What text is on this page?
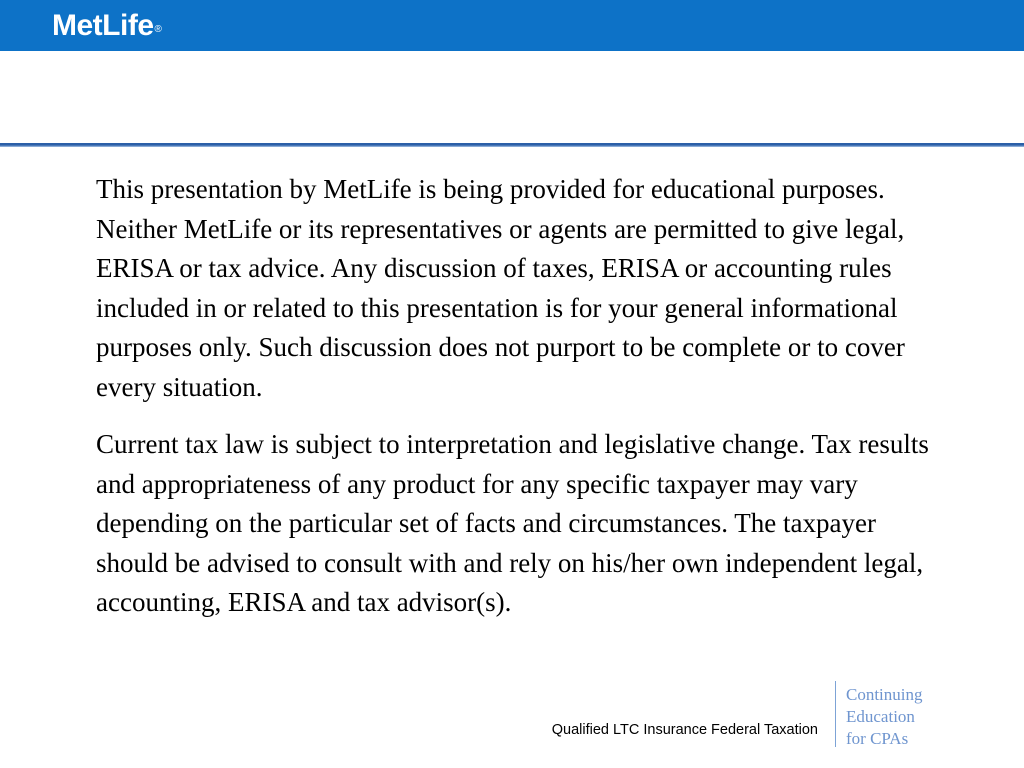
MetLife®

This presentation by MetLife is being provided for educational purposes. Neither MetLife or its representatives or agents are permitted to give legal, ERISA or tax advice. Any discussion of taxes, ERISA or accounting rules included in or related to this presentation is for your general informational purposes only. Such discussion does not purport to be complete or to cover every situation.

Current tax law is subject to interpretation and legislative change. Tax results and appropriateness of any product for any specific taxpayer may vary depending on the particular set of facts and circumstances. The taxpayer should be advised to consult with and rely on his/her own independent legal, accounting, ERISA and tax advisor(s).

Qualified LTC Insurance Federal Taxation
Continuing
Education
for CPAs
